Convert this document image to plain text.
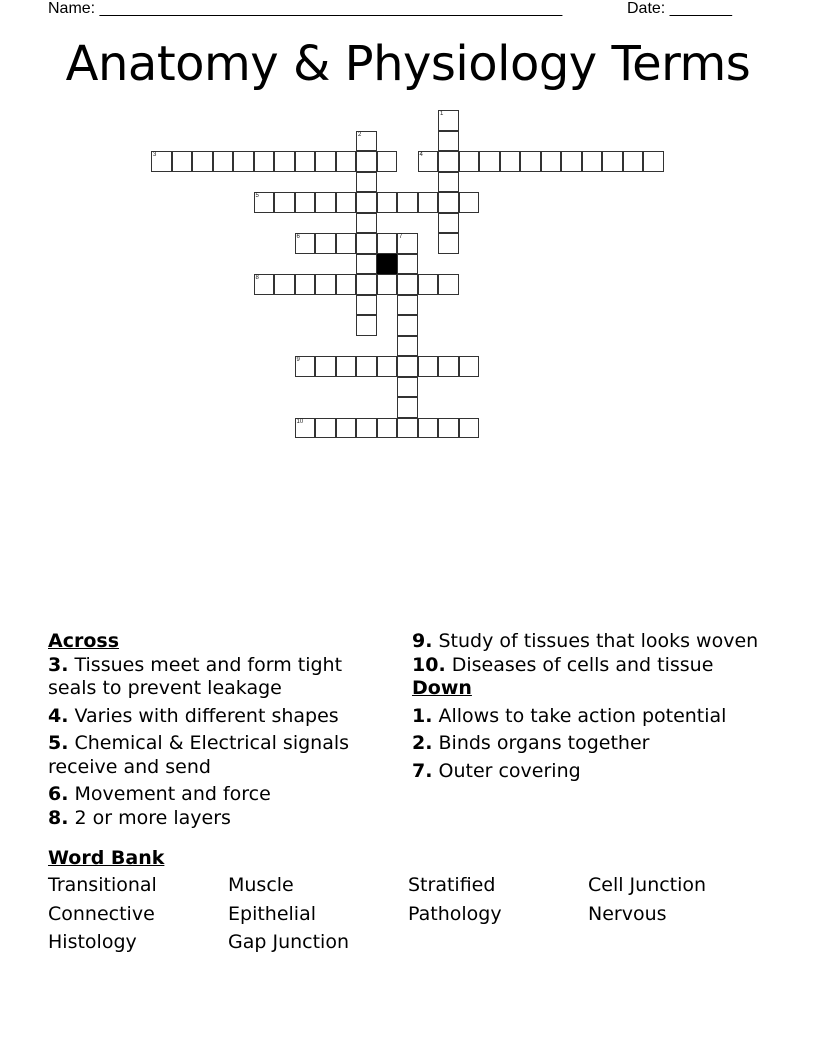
Name: ____________________________________________________	Date: _______
Anatomy & Physiology Terms
1
2
3	4
5
6	7
8
9
10
Across
3. Tissues meet and form tight seals to prevent leakage
4. Varies with different shapes
5. Chemical & Electrical signals receive and send
6. Movement and force
8. 2 or more layers
9. Study of tissues that looks woven
10. Diseases of cells and tissue
Down
1. Allows to take action potential
2. Binds organs together
7. Outer covering
Word Bank
Transitional	Muscle	Stratified	Cell Junction
Connective	Epithelial	Pathology	Nervous
Histology	Gap Junction
